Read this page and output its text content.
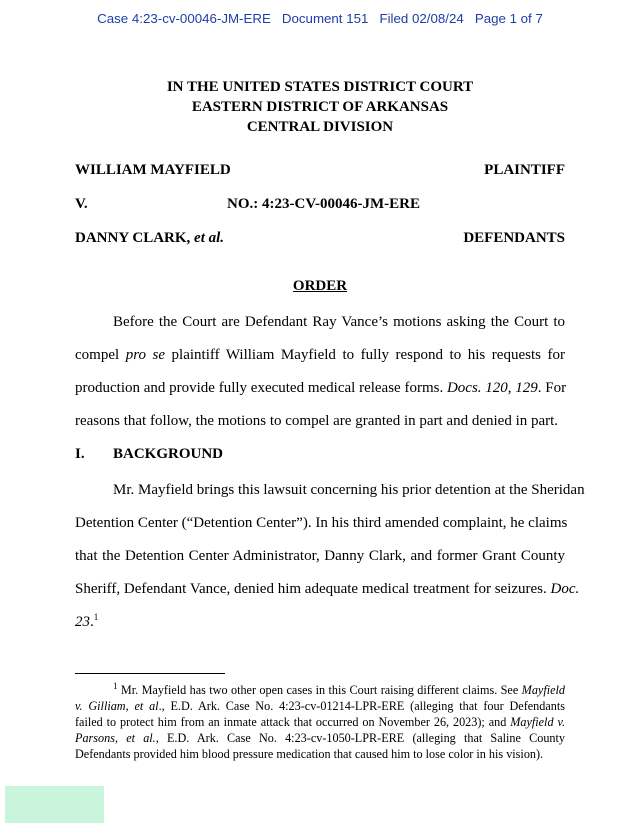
Case 4:23-cv-00046-JM-ERE   Document 151   Filed 02/08/24   Page 1 of 7
IN THE UNITED STATES DISTRICT COURT
EASTERN DISTRICT OF ARKANSAS
CENTRAL DIVISION
WILLIAM MAYFIELD	PLAINTIFF
V.	NO.: 4:23-CV-00046-JM-ERE
DANNY CLARK, et al.	DEFENDANTS
ORDER
Before the Court are Defendant Ray Vance’s motions asking the Court to
compel pro se plaintiff William Mayfield to fully respond to his requests for
production and provide fully executed medical release forms. Docs. 120, 129. For
reasons that follow, the motions to compel are granted in part and denied in part.
I. BACKGROUND
Mr. Mayfield brings this lawsuit concerning his prior detention at the Sheridan
Detention Center (“Detention Center”). In his third amended complaint, he claims
that the Detention Center Administrator, Danny Clark, and former Grant County
Sheriff, Defendant Vance, denied him adequate medical treatment for seizures. Doc.
23.$^1$
$^1$ Mr. Mayfield has two other open cases in this Court raising different claims. See Mayfield
v. Gilliam, et al., E.D. Ark. Case No. 4:23-cv-01214-LPR-ERE (alleging that four Defendants
failed to protect him from an inmate attack that occurred on November 26, 2023); and Mayfield v.
Parsons, et al., E.D. Ark. Case No. 4:23-cv-1050-LPR-ERE (alleging that Saline County
Defendants provided him blood pressure medication that caused him to lose color in his vision).
